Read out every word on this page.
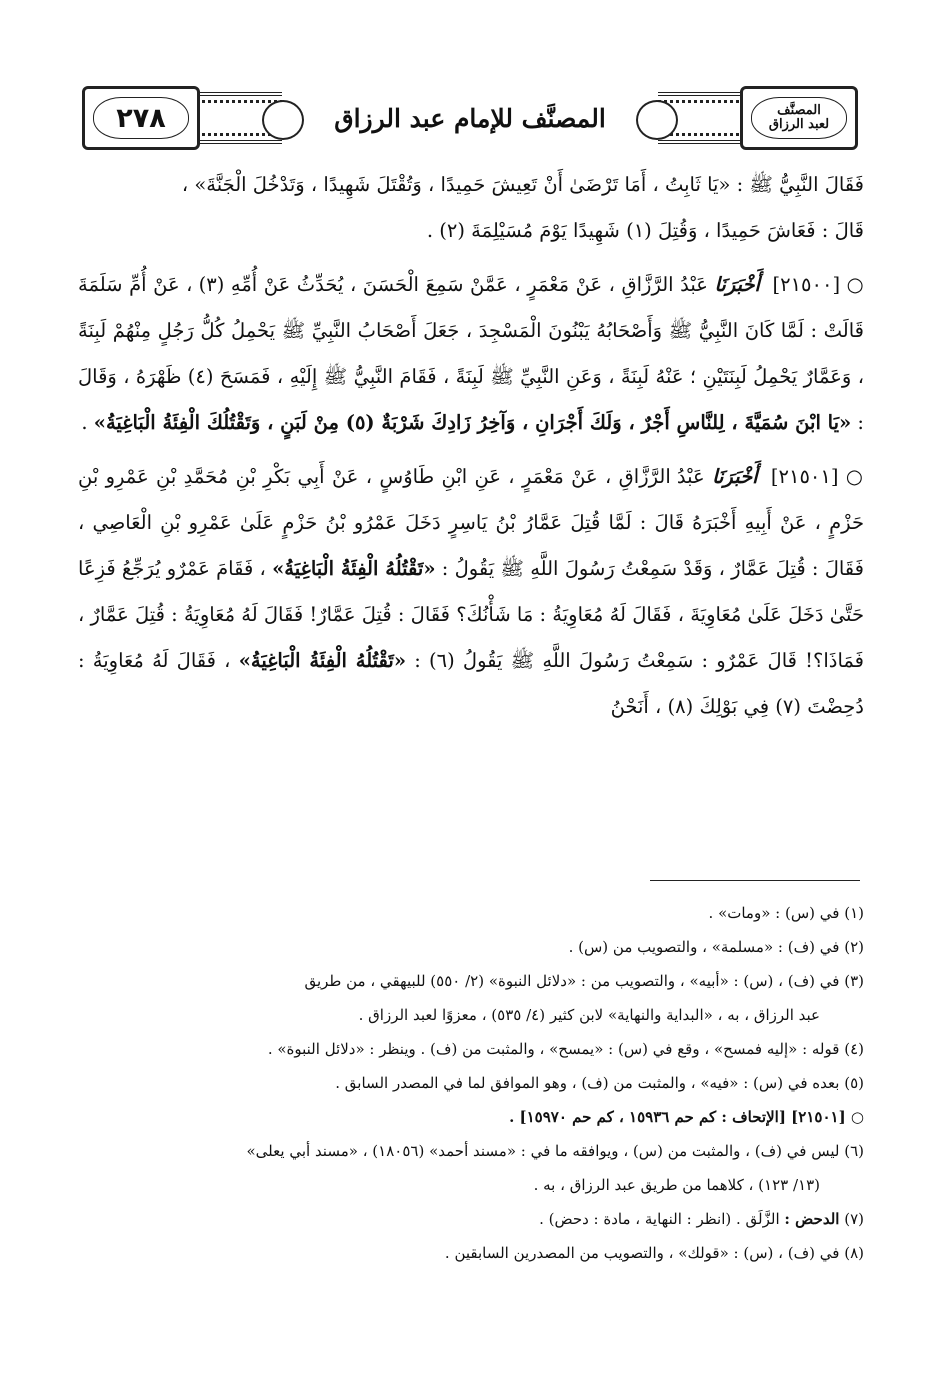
٢٧٨	المصنَّف للإمام عبد الرزاق	المصنَّف
لعبد الرزاق

فَقَالَ النَّبِيُّ ﷺ : «يَا ثَابِتُ ، أَمَا تَرْضَىٰ أَنْ تَعِيشَ حَمِيدًا ، وَتُقْتَلَ شَهِيدًا ، وَتَدْخُلَ الْجَنَّةَ» ،
قَالَ : فَعَاشَ حَمِيدًا ، وَقُتِلَ (١) شَهِيدًا يَوْمَ مُسَيْلِمَةَ (٢) .

○ [٢١٥٠٠] أَخْبَرَنَا عَبْدُ الرَّزَّاقِ ، عَنْ مَعْمَرٍ ، عَمَّنْ سَمِعَ الْحَسَنَ ، يُحَدِّثُ عَنْ أُمِّهِ (٣) ، عَنْ أُمِّ سَلَمَةَ قَالَتْ : لَمَّا كَانَ النَّبِيُّ ﷺ وَأَصْحَابُهُ يَبْنُونَ الْمَسْجِدَ ، جَعَلَ أَصْحَابُ النَّبِيِّ ﷺ يَحْمِلُ كُلُّ رَجُلٍ مِنْهُمْ لَبِنَةً ، وَعَمَّارٌ يَحْمِلُ لَبِنَتَيْنِ ؛ عَنْهُ لَبِنَةً ، وَعَنِ النَّبِيِّ ﷺ لَبِنَةً ، فَقَامَ النَّبِيُّ ﷺ إِلَيْهِ ، فَمَسَحَ (٤) ظَهْرَهُ ، وَقَالَ : «يَا ابْنَ سُمَيَّةَ ، لِلنَّاسِ أَجْرٌ ، وَلَكَ أَجْرَانِ ، وَآخِرُ زَادِكَ شَرْبَةٌ (٥) مِنْ لَبَنٍ ، وَتَقْتُلُكَ الْفِئَةُ الْبَاغِيَةُ» .

○ [٢١٥٠١] أَخْبَرَنَا عَبْدُ الرَّزَّاقِ ، عَنْ مَعْمَرٍ ، عَنِ ابْنِ طَاوُسٍ ، عَنْ أَبِي بَكْرِ بْنِ مُحَمَّدِ بْنِ عَمْرِو بْنِ حَزْمٍ ، عَنْ أَبِيهِ أَخْبَرَهُ قَالَ : لَمَّا قُتِلَ عَمَّارُ بْنُ يَاسِرٍ دَخَلَ عَمْرُو بْنُ حَزْمٍ عَلَىٰ عَمْرِو بْنِ الْعَاصِي ، فَقَالَ : قُتِلَ عَمَّارٌ ، وَقَدْ سَمِعْتُ رَسُولَ اللَّهِ ﷺ يَقُولُ : «تَقْتُلُهُ الْفِئَةُ الْبَاغِيَةُ» ، فَقَامَ عَمْرٌو يُرَجِّعُ فَزِعًا حَتَّىٰ دَخَلَ عَلَىٰ مُعَاوِيَةَ ، فَقَالَ لَهُ مُعَاوِيَةُ : مَا شَأْنُكَ؟ فَقَالَ : قُتِلَ عَمَّارٌ! فَقَالَ لَهُ مُعَاوِيَةُ : قُتِلَ عَمَّارٌ ، فَمَاذَا؟! قَالَ عَمْرٌو : سَمِعْتُ رَسُولَ اللَّهِ ﷺ يَقُولُ (٦) : «تَقْتُلُهُ الْفِئَةُ الْبَاغِيَةُ» ، فَقَالَ لَهُ مُعَاوِيَةُ : دُحِضْتَ (٧) فِي بَوْلِكَ (٨) ، أَنَحْنُ

(١) في (س) : «ومات» .

(٢) في (ف) : «مسلمة» ، والتصويب من (س) .

(٣) في (ف) ، (س) : «أبيه» ، والتصويب من : «دلائل النبوة» (٢/ ٥٥٠) للبيهقي ، من طريق
عبد الرزاق ، به ، «البداية والنهاية» لابن كثير (٤/ ٥٣٥) ، معزوًا لعبد الرزاق .

(٤) قوله : «إليه فمسح» ، وقع في (س) : «يمسح» ، والمثبت من (ف) . وينظر : «دلائل النبوة» .

(٥) بعده في (س) : «فيه» ، والمثبت من (ف) ، وهو الموافق لما في المصدر السابق .

○ [٢١٥٠١] [الإتحاف : كم حم ١٥٩٣٦ ، كم حم ١٥٩٧٠] .

(٦) ليس في (ف) ، والمثبت من (س) ، ويوافقه ما في : «مسند أحمد» (١٨٠٥٦) ، «مسند أبي يعلى»
(١٣/ ١٢٣) ، كلاهما من طريق عبد الرزاق ، به .

(٧) الدحض : الزَّلَق . (انظر : النهاية ، مادة : دحض) .

(٨) في (ف) ، (س) : «قولك» ، والتصويب من المصدرين السابقين .
